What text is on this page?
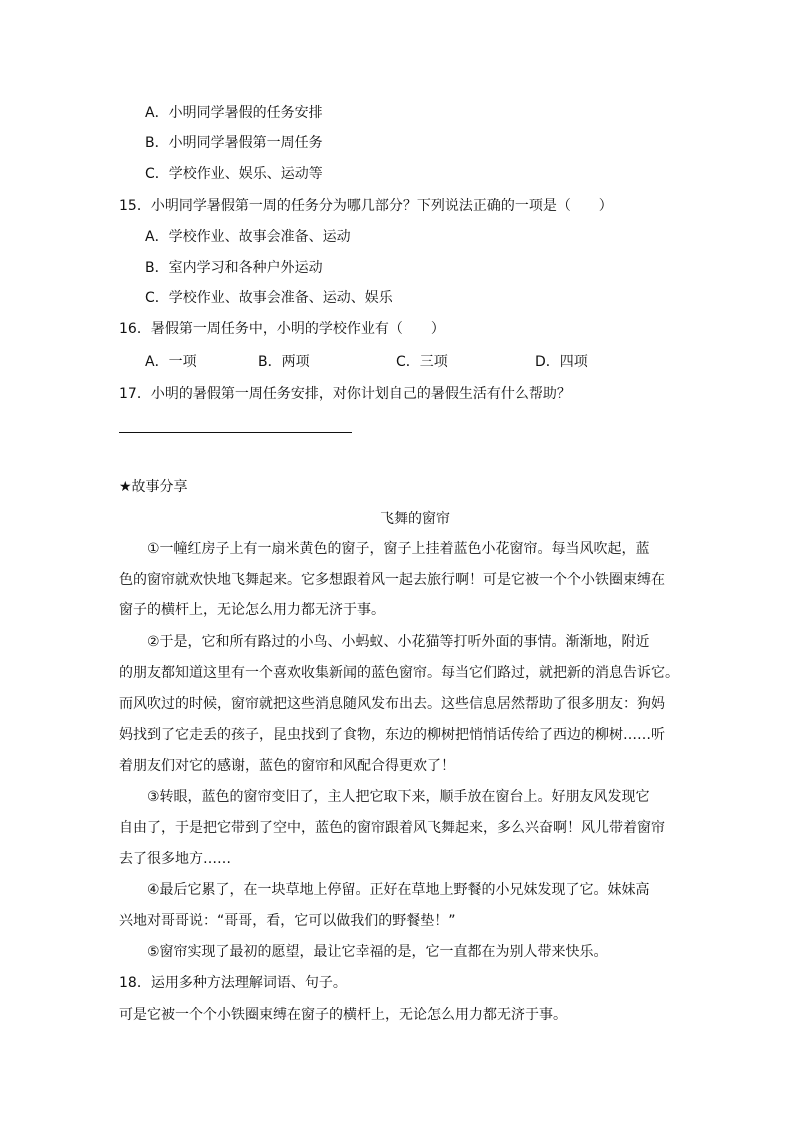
A．小明同学暑假的任务安排
B．小明同学暑假第一周任务
C．学校作业、娱乐、运动等
15．小明同学暑假第一周的任务分为哪几部分？下列说法正确的一项是（　　）
A．学校作业、故事会准备、运动
B．室内学习和各种户外运动
C．学校作业、故事会准备、运动、娱乐
16．暑假第一周任务中，小明的学校作业有（　　）
A．一项	B．两项	C．三项	D．四项
17．小明的暑假第一周任务安排，对你计划自己的暑假生活有什么帮助？
★故事分享
飞舞的窗帘
①一幢红房子上有一扇米黄色的窗子，窗子上挂着蓝色小花窗帘。每当风吹起，蓝
色的窗帘就欢快地飞舞起来。它多想跟着风一起去旅行啊！可是它被一个个小铁圈束缚在
窗子的横杆上，无论怎么用力都无济于事。
②于是，它和所有路过的小鸟、小蚂蚁、小花猫等打听外面的事情。渐渐地，附近
的朋友都知道这里有一个喜欢收集新闻的蓝色窗帘。每当它们路过，就把新的消息告诉它。
而风吹过的时候，窗帘就把这些消息随风发布出去。这些信息居然帮助了很多朋友：狗妈
妈找到了它走丢的孩子，昆虫找到了食物，东边的柳树把悄悄话传给了西边的柳树……听
着朋友们对它的感谢，蓝色的窗帘和风配合得更欢了！
③转眼，蓝色的窗帘变旧了，主人把它取下来，顺手放在窗台上。好朋友风发现它
自由了，于是把它带到了空中，蓝色的窗帘跟着风飞舞起来，多么兴奋啊！风儿带着窗帘
去了很多地方……
④最后它累了，在一块草地上停留。正好在草地上野餐的小兄妹发现了它。妹妹高
兴地对哥哥说：“哥哥，看，它可以做我们的野餐垫！”
⑤窗帘实现了最初的愿望，最让它幸福的是，它一直都在为别人带来快乐。
18．运用多种方法理解词语、句子。
可是它被一个个小铁圈束缚在窗子的横杆上，无论怎么用力都无济于事。
